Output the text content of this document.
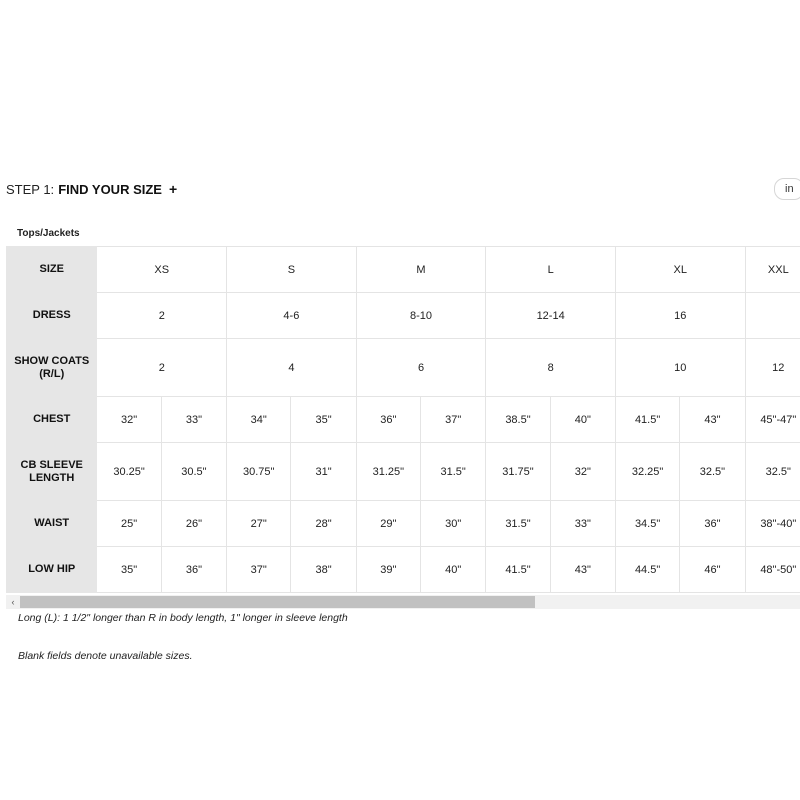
STEP 1: FIND YOUR SIZE +	in
Tops/Jackets
SIZE	XS		S		M		L		XL		XXL
DRESS	2		4-6		8-10		12-14		16		
SHOW COATS (R/L)	2		4		6		8		10		12
CHEST	32"	33"	34"	35"	36"	37"	38.5"	40"	41.5"	43"	45"-47"
CB SLEEVE LENGTH	30.25"	30.5"	30.75"	31"	31.25"	31.5"	31.75"	32"	32.25"	32.5"	32.5"
WAIST	25"	26"	27"	28"	29"	30"	31.5"	33"	34.5"	36"	38"-40"
LOW HIP	35"	36"	37"	38"	39"	40"	41.5"	43"	44.5"	46"	48"-50"
‹
Long (L): 1 1/2" longer than R in body length, 1" longer in sleeve length
Blank fields denote unavailable sizes.
